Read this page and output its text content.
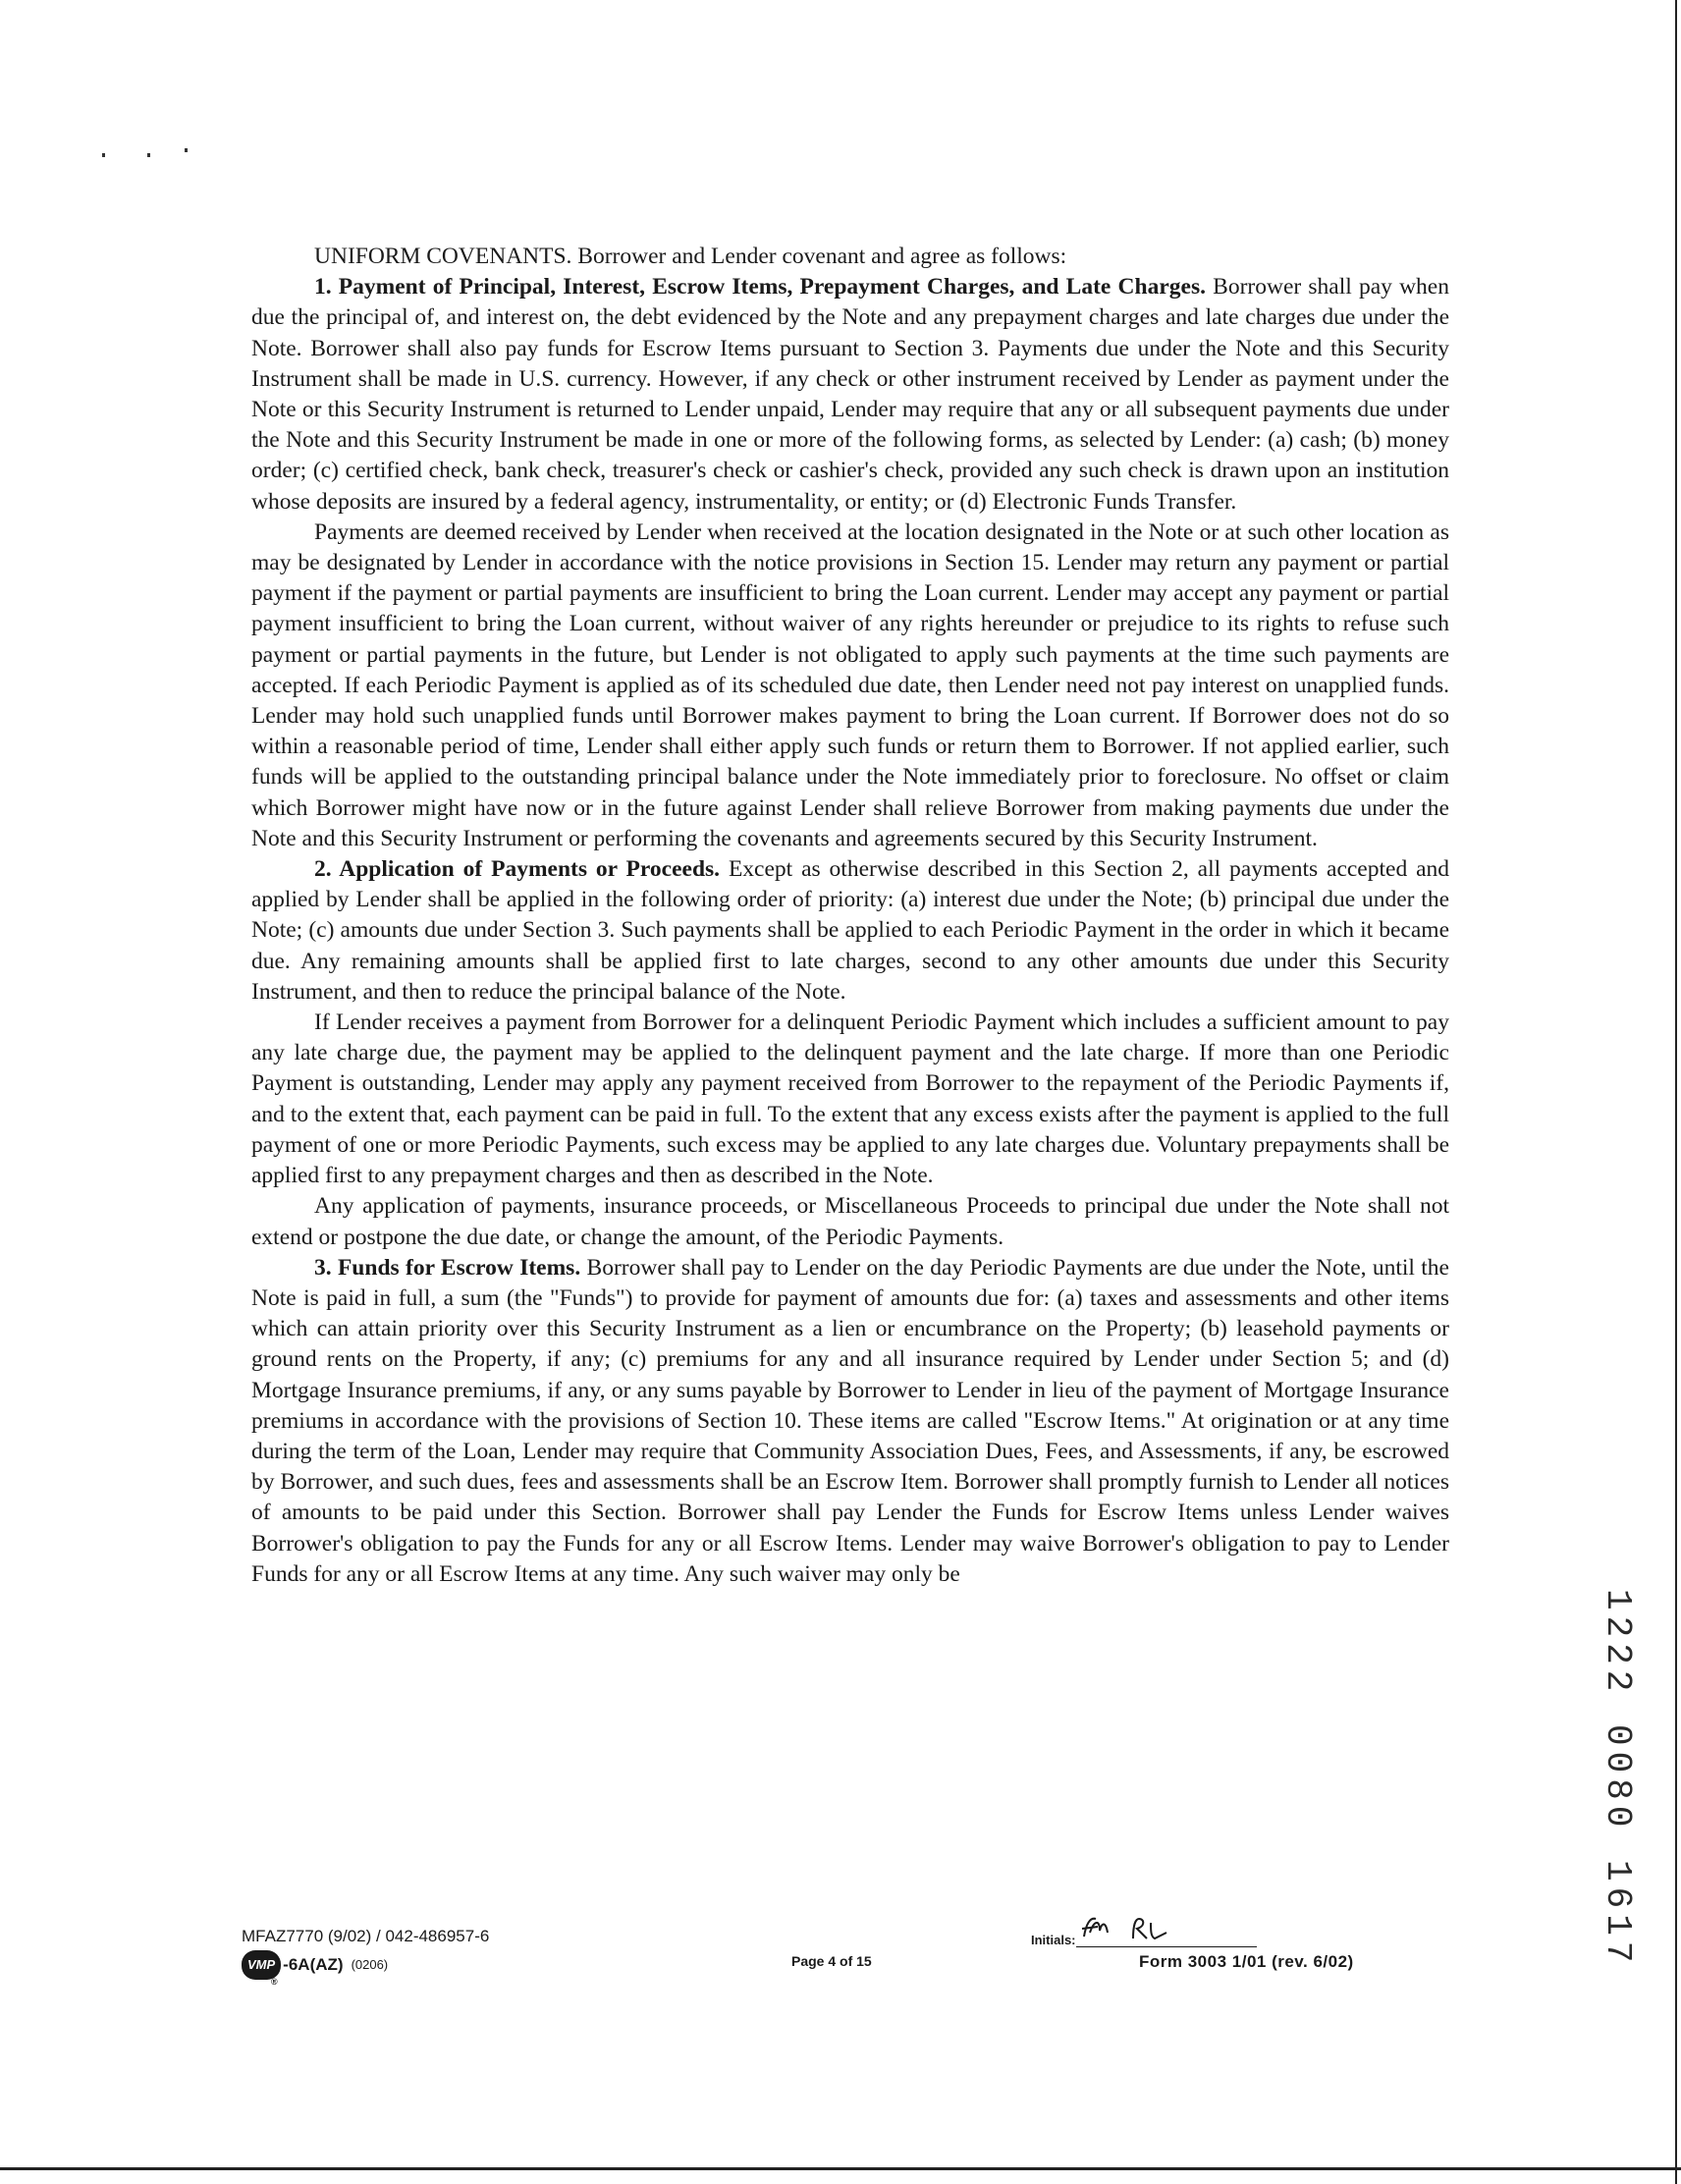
UNIFORM COVENANTS. Borrower and Lender covenant and agree as follows:

1. Payment of Principal, Interest, Escrow Items, Prepayment Charges, and Late Charges. Borrower shall pay when due the principal of, and interest on, the debt evidenced by the Note and any prepayment charges and late charges due under the Note. Borrower shall also pay funds for Escrow Items pursuant to Section 3. Payments due under the Note and this Security Instrument shall be made in U.S. currency. However, if any check or other instrument received by Lender as payment under the Note or this Security Instrument is returned to Lender unpaid, Lender may require that any or all subsequent payments due under the Note and this Security Instrument be made in one or more of the following forms, as selected by Lender: (a) cash; (b) money order; (c) certified check, bank check, treasurer's check or cashier's check, provided any such check is drawn upon an institution whose deposits are insured by a federal agency, instrumentality, or entity; or (d) Electronic Funds Transfer.

Payments are deemed received by Lender when received at the location designated in the Note or at such other location as may be designated by Lender in accordance with the notice provisions in Section 15. Lender may return any payment or partial payment if the payment or partial payments are insufficient to bring the Loan current. Lender may accept any payment or partial payment insufficient to bring the Loan current, without waiver of any rights hereunder or prejudice to its rights to refuse such payment or partial payments in the future, but Lender is not obligated to apply such payments at the time such payments are accepted. If each Periodic Payment is applied as of its scheduled due date, then Lender need not pay interest on unapplied funds. Lender may hold such unapplied funds until Borrower makes payment to bring the Loan current. If Borrower does not do so within a reasonable period of time, Lender shall either apply such funds or return them to Borrower. If not applied earlier, such funds will be applied to the outstanding principal balance under the Note immediately prior to foreclosure. No offset or claim which Borrower might have now or in the future against Lender shall relieve Borrower from making payments due under the Note and this Security Instrument or performing the covenants and agreements secured by this Security Instrument.

2. Application of Payments or Proceeds. Except as otherwise described in this Section 2, all payments accepted and applied by Lender shall be applied in the following order of priority: (a) interest due under the Note; (b) principal due under the Note; (c) amounts due under Section 3. Such payments shall be applied to each Periodic Payment in the order in which it became due. Any remaining amounts shall be applied first to late charges, second to any other amounts due under this Security Instrument, and then to reduce the principal balance of the Note.

If Lender receives a payment from Borrower for a delinquent Periodic Payment which includes a sufficient amount to pay any late charge due, the payment may be applied to the delinquent payment and the late charge. If more than one Periodic Payment is outstanding, Lender may apply any payment received from Borrower to the repayment of the Periodic Payments if, and to the extent that, each payment can be paid in full. To the extent that any excess exists after the payment is applied to the full payment of one or more Periodic Payments, such excess may be applied to any late charges due. Voluntary prepayments shall be applied first to any prepayment charges and then as described in the Note.

Any application of payments, insurance proceeds, or Miscellaneous Proceeds to principal due under the Note shall not extend or postpone the due date, or change the amount, of the Periodic Payments.

3. Funds for Escrow Items. Borrower shall pay to Lender on the day Periodic Payments are due under the Note, until the Note is paid in full, a sum (the "Funds") to provide for payment of amounts due for: (a) taxes and assessments and other items which can attain priority over this Security Instrument as a lien or encumbrance on the Property; (b) leasehold payments or ground rents on the Property, if any; (c) premiums for any and all insurance required by Lender under Section 5; and (d) Mortgage Insurance premiums, if any, or any sums payable by Borrower to Lender in lieu of the payment of Mortgage Insurance premiums in accordance with the provisions of Section 10. These items are called "Escrow Items." At origination or at any time during the term of the Loan, Lender may require that Community Association Dues, Fees, and Assessments, if any, be escrowed by Borrower, and such dues, fees and assessments shall be an Escrow Item. Borrower shall promptly furnish to Lender all notices of amounts to be paid under this Section. Borrower shall pay Lender the Funds for Escrow Items unless Lender waives Borrower's obligation to pay the Funds for any or all Escrow Items. Lender may waive Borrower's obligation to pay to Lender Funds for any or all Escrow Items at any time. Any such waiver may only be

MFAZ7770 (9/02) / 042-486957-6
VMP
®
-6A(AZ) (0206)	Page 4 of 15
Initials:
Form 3003 1/01 (rev. 6/02)	1222 0080 1617
